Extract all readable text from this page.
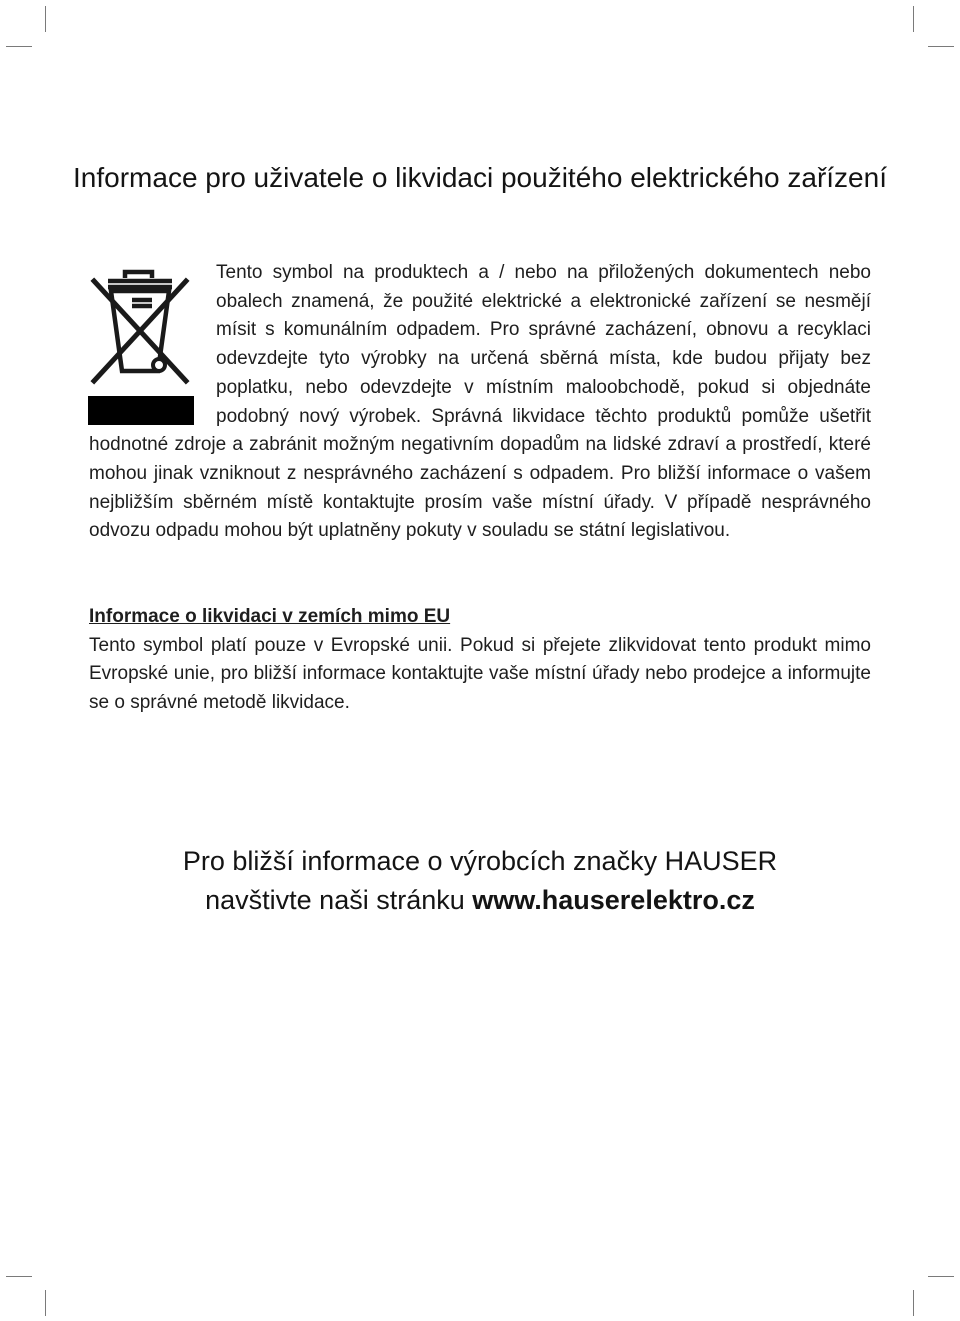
Informace pro uživatele o likvidaci použitého elektrického zařízení

Tento symbol na produktech a / nebo na přiložených dokumentech nebo obalech znamená, že použité elektrické a elektronické zařízení se nesmějí mísit s komunálním odpadem. Pro správné zacházení, obnovu a recyklaci odevzdejte tyto výrobky na určená sběrná místa, kde budou přijaty bez poplatku, nebo odevzdejte v místním maloobchodě, pokud si objednáte podobný nový výrobek. Správná likvidace těchto produktů pomůže ušetřit hodnotné zdroje a zabránit možným negativním dopadům na lidské zdraví a prostředí, které mohou jinak vzniknout z nesprávného zacházení s odpadem. Pro bližší informace o vašem nejbližším sběrném místě kontaktujte prosím vaše místní úřady. V případě nesprávného odvozu odpadu mohou být uplatněny pokuty v souladu se státní legislativou.

Informace o likvidaci v zemích mimo EU

Tento symbol platí pouze v Evropské unii. Pokud si přejete zlikvidovat tento produkt mimo Evropské unie, pro bližší informace kontaktujte vaše místní úřady nebo prodejce a informujte se o správné metodě likvidace.

Pro bližší informace o výrobcích značky HAUSER
navštivte naši stránku www.hauserelektro.cz
